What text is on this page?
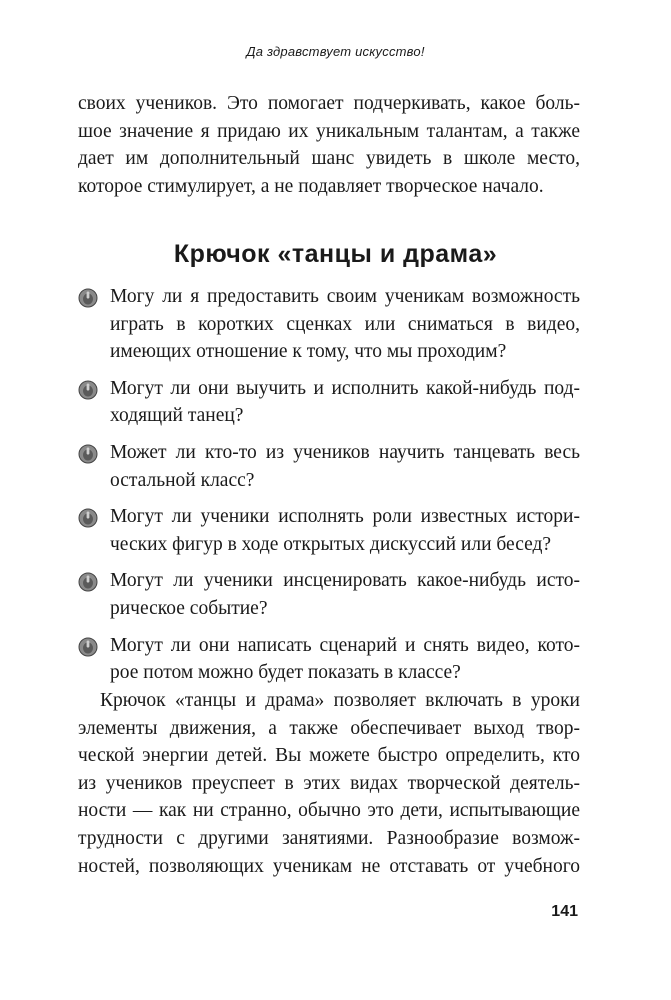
Да здравствует искусство!

своих учеников. Это помогает подчеркивать, какое боль-
шое значение я придаю их уникальным талантам, а также
дает им дополнительный шанс увидеть в школе место,
которое стимулирует, а не подавляет творческое начало.

Крючок «танцы и драма»
Могу ли я предоставить своим ученикам возможность
играть в коротких сценках или сниматься в видео,
имеющих отношение к тому, что мы проходим?
Могут ли они выучить и исполнить какой-нибудь под-
ходящий танец?
Может ли кто-то из учеников научить танцевать весь
остальной класс?
Могут ли ученики исполнять роли известных истори-
ческих фигур в ходе открытых дискуссий или бесед?
Могут ли ученики инсценировать какое-нибудь исто-
рическое событие?
Могут ли они написать сценарий и снять видео, кото-
рое потом можно будет показать в классе?

Крючок «танцы и драма» позволяет включать в уроки
элементы движения, а также обеспечивает выход твор-
ческой энергии детей. Вы можете быстро определить, кто
из учеников преуспеет в этих видах творческой деятель-
ности — как ни странно, обычно это дети, испытывающие
трудности с другими занятиями. Разнообразие возмож-
ностей, позволяющих ученикам не отставать от учебного

141
